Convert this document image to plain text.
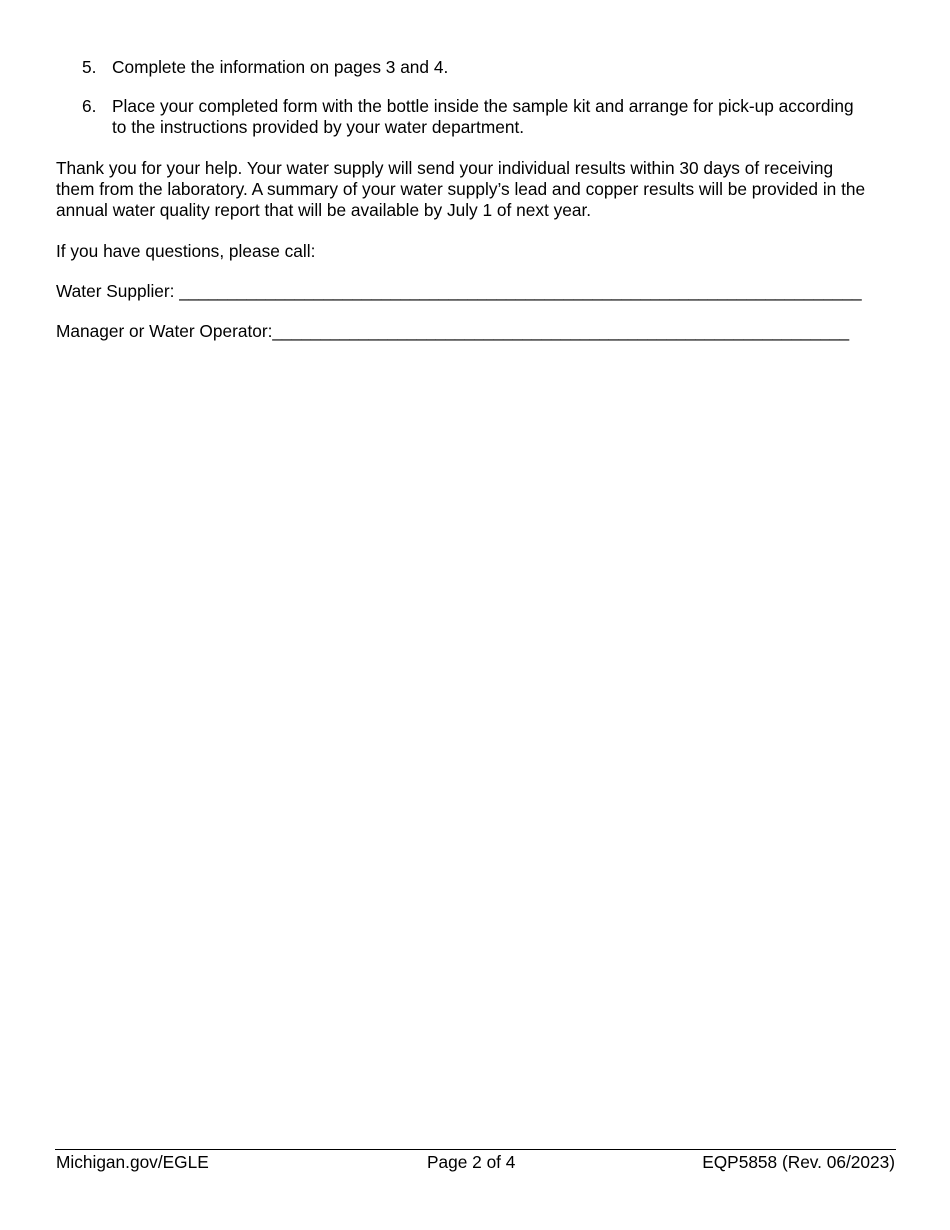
5. Complete the information on pages 3 and 4.
6. Place your completed form with the bottle inside the sample kit and arrange for pick-up according to the instructions provided by your water department.

Thank you for your help. Your water supply will send your individual results within 30 days of receiving them from the laboratory. A summary of your water supply’s lead and copper results will be provided in the annual water quality report that will be available by July 1 of next year.

If you have questions, please call:

Water Supplier: _______________________________________________________________________

Manager or Water Operator:____________________________________________________________

Michigan.gov/EGLE	Page 2 of 4	EQP5858 (Rev. 06/2023)
